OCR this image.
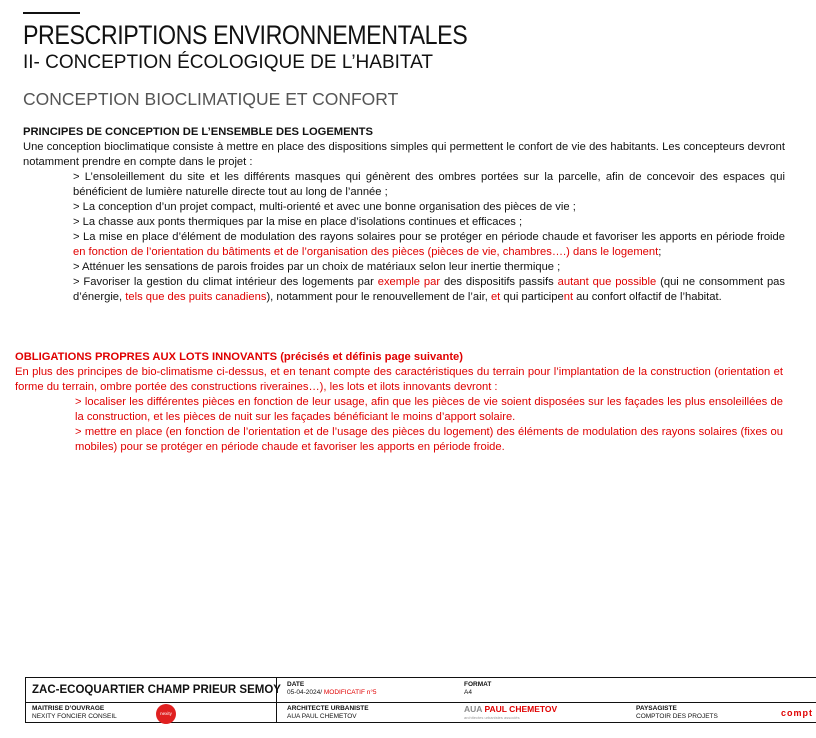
PRESCRIPTIONS ENVIRONNEMENTALES
II- CONCEPTION ÉCOLOGIQUE DE L’HABITAT
CONCEPTION BIOCLIMATIQUE ET CONFORT

PRINCIPES DE CONCEPTION DE L’ENSEMBLE DES LOGEMENTS

Une conception bioclimatique consiste à mettre en place des dispositions simples qui permettent le confort de vie des habitants. Les concepteurs devront notamment prendre en compte dans le projet :

> L’ensoleillement du site et les différents masques qui génèrent des ombres portées sur la parcelle, afin de concevoir des espaces qui bénéficient de lumière naturelle directe tout au long de l’année ;
> La conception d’un projet compact, multi-orienté et avec une bonne organisation des pièces de vie ;
> La chasse aux ponts thermiques par la mise en place d’isolations continues et efficaces ;
> La mise en place d’élément de modulation des rayons solaires pour se protéger en période chaude et favoriser les apports en période froide en fonction de l’orientation du bâtiments et de l’organisation des pièces (pièces de vie, chambres….) dans le logement;
> Atténuer les sensations de parois froides par un choix de matériaux selon leur inertie thermique ;
> Favoriser la gestion du climat intérieur des logements par exemple par des dispositifs passifs autant que possible (qui ne consomment pas d’énergie, tels que des puits canadiens), notamment pour le renouvellement de l’air, et qui participent au confort olfactif de l’habitat.

OBLIGATIONS PROPRES AUX LOTS INNOVANTS (précisés et définis page suivante)

En plus des principes de bio-climatisme ci-dessus, et en tenant compte des caractéristiques du terrain pour l’implantation de la construction (orientation et forme du terrain, ombre portée des constructions riveraines…), les lots et ilots innovants devront :

> localiser les différentes pièces en fonction de leur usage, afin que les pièces de vie soient disposées sur les façades les plus ensoleillées de la construction, et les pièces de nuit sur les façades bénéficiant le moins d’apport solaire.
> mettre en place (en fonction de l’orientation et de l’usage des pièces du logement) des éléments de modulation des rayons solaires (fixes ou mobiles) pour se protéger en période chaude et favoriser les apports en période froide.
ZAC-ECOQUARTIER CHAMP PRIEUR SEMOY DATE
05-04-2024/ MODIFICATIF n°5
FORMAT
A4
MAITRISE D’OUVRAGE
NEXITY FONCIER CONSEIL	nexity
ARCHITECTE URBANISTE
AUA PAUL CHEMETOV
AUA PAUL CHEMETOV
architectes urbanistes associés
PAYSAGISTE
COMPTOIR DES PROJETS	compt
